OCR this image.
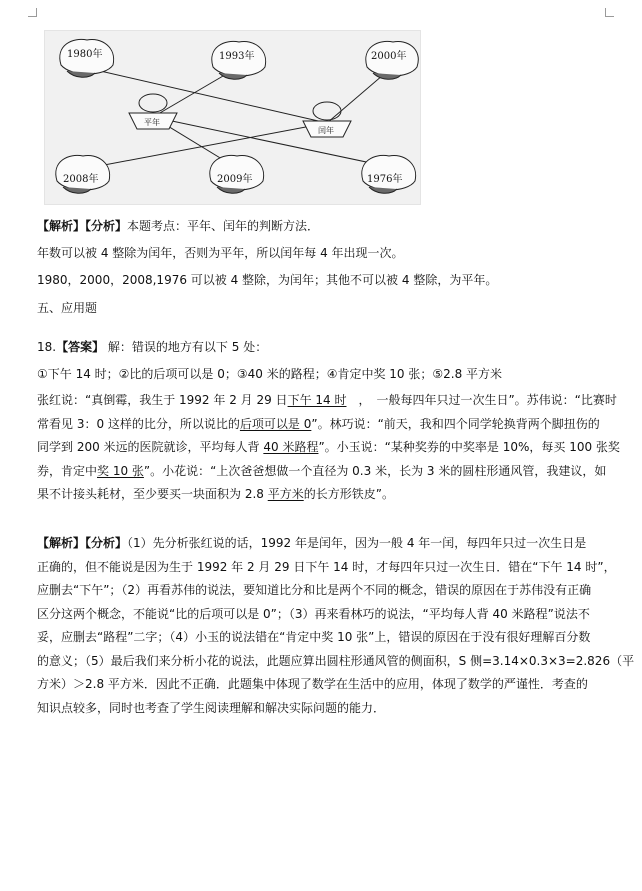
1980年	1993年	2000年
2008年	2009年	1976年
平年
闰年
【解析】【分析】本题考点：平年、闰年的判断方法．
年数可以被 4 整除为闰年，否则为平年，所以闰年每 4 年出现一次。
1980，2000，2008,1976 可以被 4 整除，为闰年；其他不可以被 4 整除，为平年。
五、应用题
18.【答案】 解：错误的地方有以下 5 处：
①下午 14 时；②比的后项可以是 0；③40 米的路程；④肯定中奖 10 张；⑤2.8 平方米
张红说：“真倒霉，我生于 1992 年 2 月 29 日下午 14 时　，　一般每四年只过一次生日”。苏伟说：“比赛时
常看见 3：0 这样的比分，所以说比的后项可以是 0”。林巧说：“前天，我和四个同学轮换背两个脚扭伤的
同学到 200 米远的医院就诊，平均每人背 40 米路程”。小玉说：“某种奖券的中奖率是 10%，每买 100 张奖
券，肯定中奖 10 张”。小花说：“上次爸爸想做一个直径为 0.3 米，长为 3 米的圆柱形通风管，我建议，如
果不计接头耗材，至少要买一块面积为 2.8 平方米的长方形铁皮”。
【解析】【分析】（1）先分析张红说的话，1992 年是闰年，因为一般 4 年一闰，每四年只过一次生日是
正确的，但不能说是因为生于 1992 年 2 月 29 日下午 14 时，才每四年只过一次生日．错在“下午 14 时”，
应删去“下午”；（2）再看苏伟的说法，要知道比分和比是两个不同的概念，错误的原因在于苏伟没有正确
区分这两个概念，不能说“比的后项可以是 0”；（3）再来看林巧的说法，“平均每人背 40 米路程”说法不
妥，应删去“路程”二字；（4）小玉的说法错在“肯定中奖 10 张”上，错误的原因在于没有很好理解百分数
的意义；（5）最后我们来分析小花的说法，此题应算出圆柱形通风管的侧面积，S 侧=3.14×0.3×3=2.826（平
方米）＞2.8 平方米．因此不正确．此题集中体现了数学在生活中的应用，体现了数学的严谨性．考查的
知识点较多，同时也考查了学生阅读理解和解决实际问题的能力．
